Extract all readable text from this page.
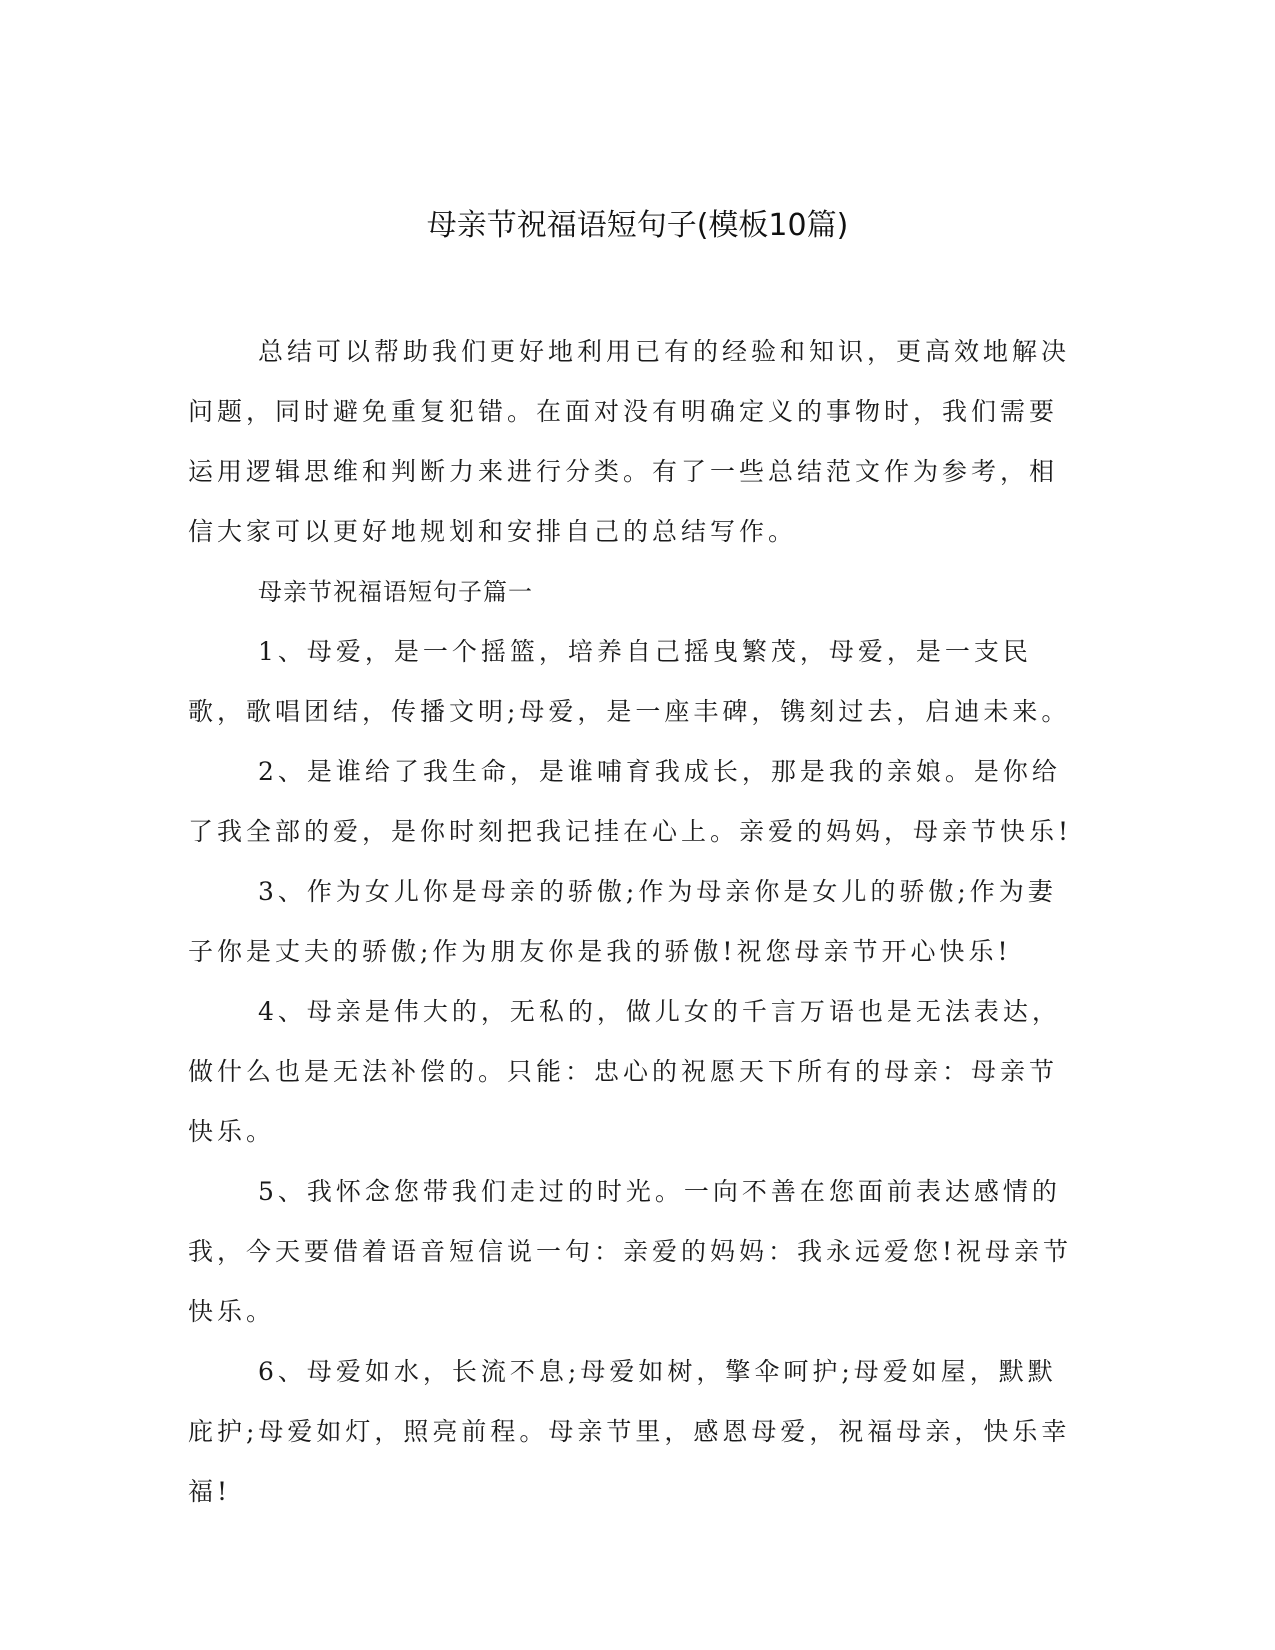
母亲节祝福语短句子(模板10篇)

总结可以帮助我们更好地利用已有的经验和知识，更高效地解决问题，同时避免重复犯错。在面对没有明确定义的事物时，我们需要运用逻辑思维和判断力来进行分类。有了一些总结范文作为参考，相信大家可以更好地规划和安排自己的总结写作。

母亲节祝福语短句子篇一

1、母爱，是一个摇篮，培养自己摇曳繁茂，母爱，是一支民歌，歌唱团结，传播文明;母爱，是一座丰碑，镌刻过去，启迪未来。

2、是谁给了我生命，是谁哺育我成长，那是我的亲娘。是你给了我全部的爱，是你时刻把我记挂在心上。亲爱的妈妈，母亲节快乐!

3、作为女儿你是母亲的骄傲;作为母亲你是女儿的骄傲;作为妻子你是丈夫的骄傲;作为朋友你是我的骄傲!祝您母亲节开心快乐!

4、母亲是伟大的，无私的，做儿女的千言万语也是无法表达，做什么也是无法补偿的。只能：忠心的祝愿天下所有的母亲：母亲节快乐。

5、我怀念您带我们走过的时光。一向不善在您面前表达感情的我，今天要借着语音短信说一句：亲爱的妈妈：我永远爱您!祝母亲节快乐。

6、母爱如水，长流不息;母爱如树，擎伞呵护;母爱如屋，默默庇护;母爱如灯，照亮前程。母亲节里，感恩母爱，祝福母亲，快乐幸福!
